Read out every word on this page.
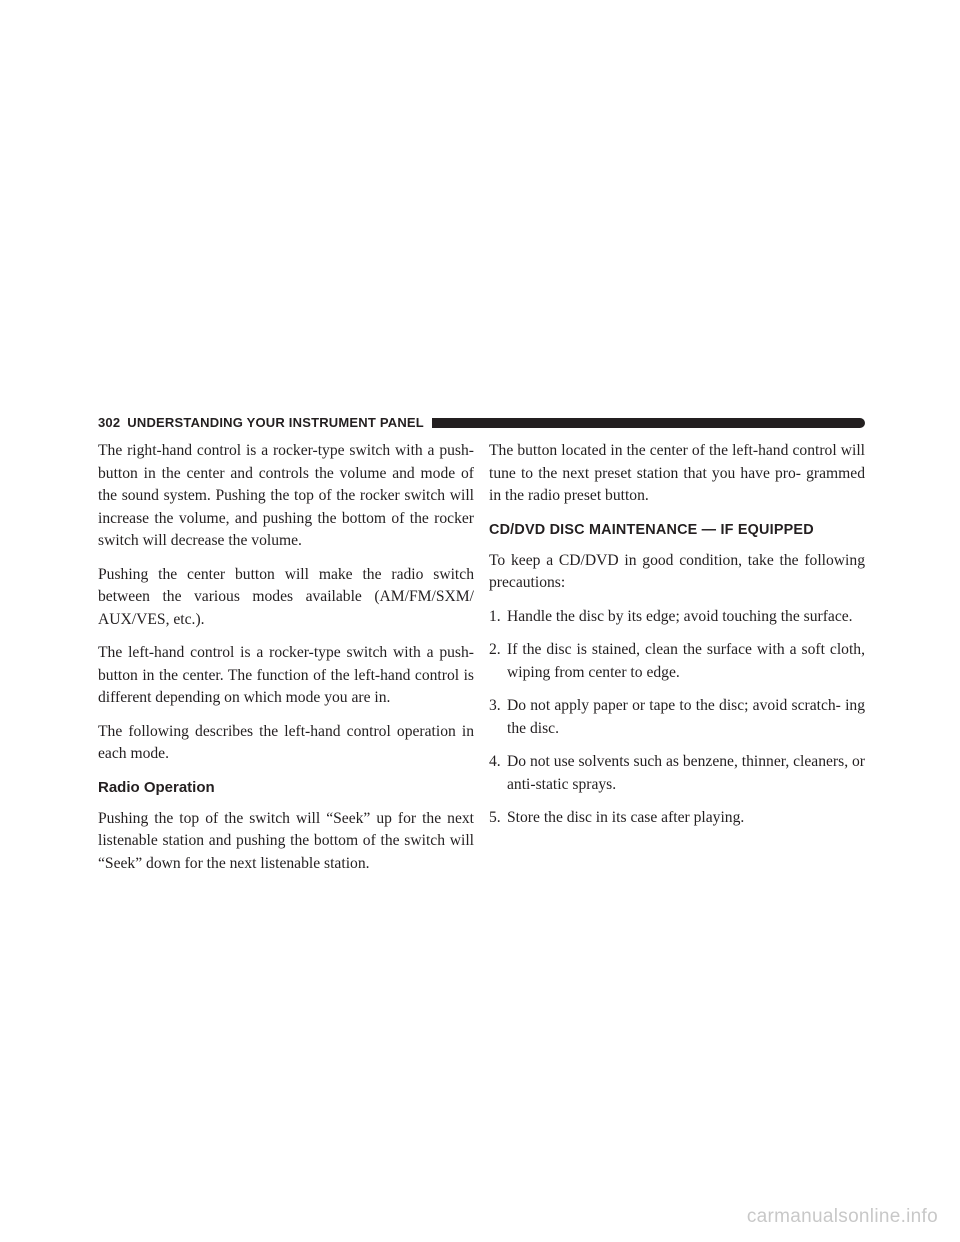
302 UNDERSTANDING YOUR INSTRUMENT PANEL

The right-hand control is a rocker-type switch with a push-button in the center and controls the volume and mode of the sound system. Pushing the top of the rocker switch will increase the volume, and pushing the bottom of the rocker switch will decrease the volume.

Pushing the center button will make the radio switch between the various modes available (AM/FM/SXM/ AUX/VES, etc.).

The left-hand control is a rocker-type switch with a push-button in the center. The function of the left-hand control is different depending on which mode you are in.

The following describes the left-hand control operation in each mode.

Radio Operation

Pushing the top of the switch will “Seek” up for the next listenable station and pushing the bottom of the switch will “Seek” down for the next listenable station.

The button located in the center of the left-hand control will tune to the next preset station that you have pro- grammed in the radio preset button.

CD/DVD DISC MAINTENANCE — IF EQUIPPED

To keep a CD/DVD in good condition, take the following precautions:

1. Handle the disc by its edge; avoid touching the surface.
2. If the disc is stained, clean the surface with a soft cloth, wiping from center to edge.
3. Do not apply paper or tape to the disc; avoid scratch- ing the disc.
4. Do not use solvents such as benzene, thinner, cleaners, or anti-static sprays.
5. Store the disc in its case after playing.
carmanualsonline.info
